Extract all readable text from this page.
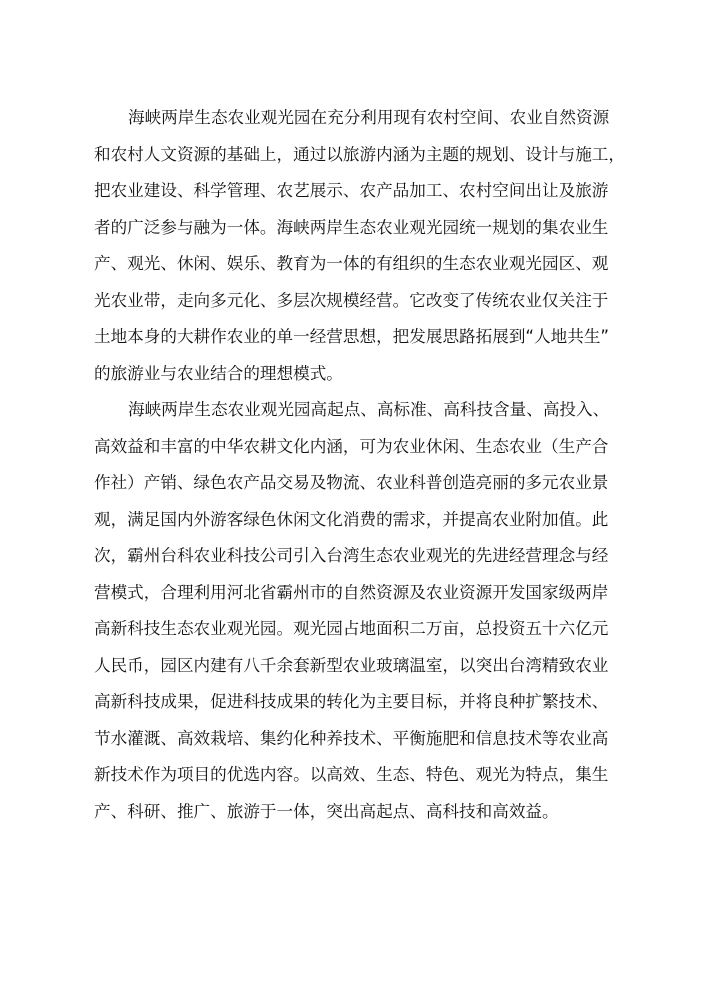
海峡两岸生态农业观光园在充分利用现有农村空间、农业自然资源
和农村人文资源的基础上，通过以旅游内涵为主题的规划、设计与施工，
把农业建设、科学管理、农艺展示、农产品加工、农村空间出让及旅游
者的广泛参与融为一体。海峡两岸生态农业观光园统一规划的集农业生
产、观光、休闲、娱乐、教育为一体的有组织的生态农业观光园区、观
光农业带，走向多元化、多层次规模经营。它改变了传统农业仅关注于
土地本身的大耕作农业的单一经营思想，把发展思路拓展到“人地共生”
的旅游业与农业结合的理想模式。
海峡两岸生态农业观光园高起点、高标准、高科技含量、高投入、
高效益和丰富的中华农耕文化内涵，可为农业休闲、生态农业（生产合
作社）产销、绿色农产品交易及物流、农业科普创造亮丽的多元农业景
观，满足国内外游客绿色休闲文化消费的需求，并提高农业附加值。此
次，霸州台科农业科技公司引入台湾生态农业观光的先进经营理念与经
营模式，合理利用河北省霸州市的自然资源及农业资源开发国家级两岸
高新科技生态农业观光园。观光园占地面积二万亩，总投资五十六亿元
人民币，园区内建有八千余套新型农业玻璃温室，以突出台湾精致农业
高新科技成果，促进科技成果的转化为主要目标，并将良种扩繁技术、
节水灌溉、高效栽培、集约化种养技术、平衡施肥和信息技术等农业高
新技术作为项目的优选内容。以高效、生态、特色、观光为特点，集生
产、科研、推广、旅游于一体，突出高起点、高科技和高效益。
